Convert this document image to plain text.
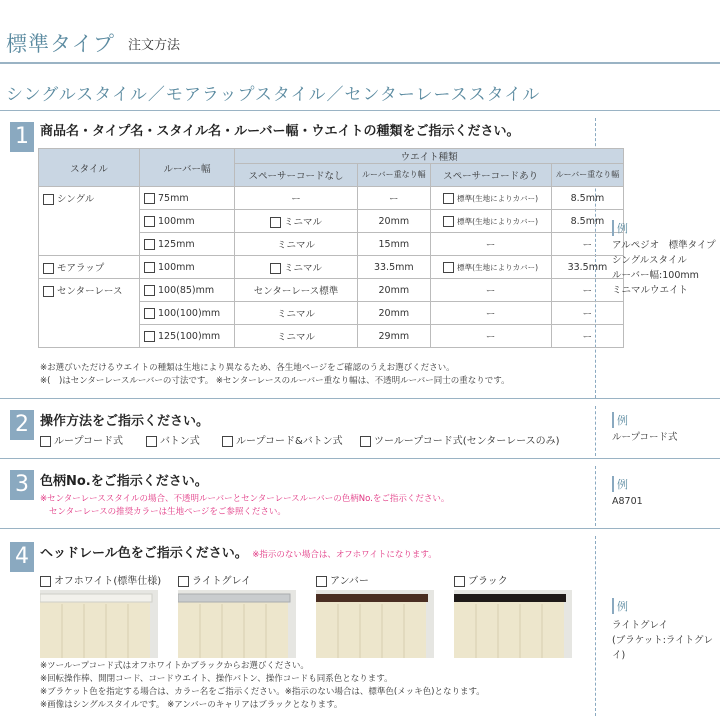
標準タイプ 注文方法
シングルスタイル／モアラップスタイル／センターレーススタイル
1 商品名・タイプ名・スタイル名・ルーバー幅・ウエイトの種類をご指示ください。
スタイル	ルーバー幅	ウエイト種類			
		スペーサーコードなし	ルーバー重なり幅	スペーサーコードあり	ルーバー重なり幅
シングル	75mm	ー	ー	標準(生地によりカバー)	8.5mm
	100mm	ミニマル	20mm	標準(生地によりカバー)	8.5mm
	125mm	ミニマル	15mm	ー	ー
モアラップ	100mm	ミニマル	33.5mm	標準(生地によりカバー)	33.5mm
センターレース	100(85)mm	センターレース標準	20mm	ー	ー
	100(100)mm	ミニマル	20mm	ー	ー
	125(100)mm	ミニマル	29mm	ー	ー
※お選びいただけるウエイトの種類は生地により異なるため、各生地ページをご確認のうえお選びください。
※(　)はセンターレースルーバーの寸法です。 ※センターレースのルーバー重なり幅は、不透明ルーバー同士の重なりです。
例
アルペジオ　標準タイプ
シングルスタイル
ルーバー幅:100mm
ミニマルウエイト
2 操作方法をご指示ください。
ループコード式	バトン式	ループコード&バトン式	ツーループコード式(センターレースのみ)
例
ループコード式
3 色柄No.をご指示ください。
※センターレーススタイルの場合、不透明ルーバーとセンターレースルーバーの色柄No.をご指示ください。
センターレースの推奨カラーは生地ページをご参照ください。
例
A8701
4 ヘッドレール色をご指示ください。 ※指示のない場合は、オフホワイトになります。
オフホワイト(標準仕様)	ライトグレイ	アンバー	ブラック
※ツーループコード式はオフホワイトかブラックからお選びください。
※回転操作棒、開閉コード、コードウエイト、操作バトン、操作コードも同系色となります。
※ブラケット色を指定する場合は、カラー名をご指示ください。※指示のない場合は、標準色(メッキ色)となります。
※画像はシングルスタイルです。 ※アンバーのキャリアはブラックとなります。
例
ライトグレイ
(ブラケット:ライトグレイ)
